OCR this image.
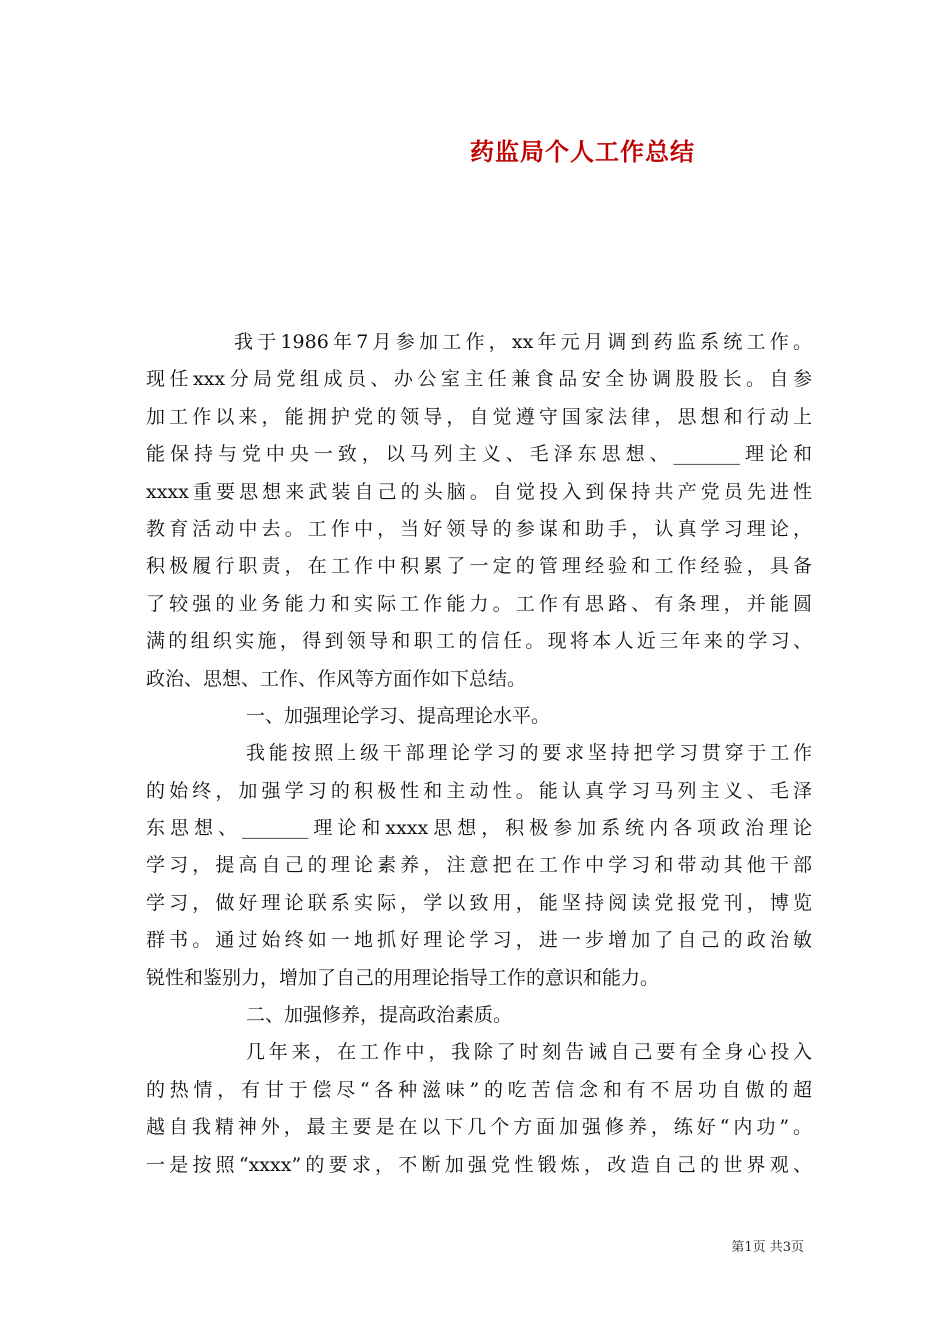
药监局个人工作总结
我于1986年7月参加工作，xx年元月调到药监系统工作。
现任xxx分局党组成员、办公室主任兼食品安全协调股股长。自参
加工作以来，能拥护党的领导，自觉遵守国家法律，思想和行动上
能保持与党中央一致，以马列主义、毛泽东思想、_______理论和
xxxx重要思想来武装自己的头脑。自觉投入到保持共产党员先进性
教育活动中去。工作中，当好领导的参谋和助手，认真学习理论，
积极履行职责，在工作中积累了一定的管理经验和工作经验，具备
了较强的业务能力和实际工作能力。工作有思路、有条理，并能圆
满的组织实施，得到领导和职工的信任。现将本人近三年来的学习、
政治、思想、工作、作风等方面作如下总结。
一、加强理论学习、提高理论水平。
我能按照上级干部理论学习的要求坚持把学习贯穿于工作
的始终，加强学习的积极性和主动性。能认真学习马列主义、毛泽
东思想、_______理论和xxxx思想，积极参加系统内各项政治理论
学习，提高自己的理论素养，注意把在工作中学习和带动其他干部
学习，做好理论联系实际，学以致用，能坚持阅读党报党刊，博览
群书。通过始终如一地抓好理论学习，进一步增加了自己的政治敏
锐性和鉴别力，增加了自己的用理论指导工作的意识和能力。
二、加强修养，提高政治素质。
几年来，在工作中，我除了时刻告诫自己要有全身心投入
的热情，有甘于偿尽“各种滋味”的吃苦信念和有不居功自傲的超
越自我精神外，最主要是在以下几个方面加强修养，练好“内功”。
一是按照“xxxx”的要求，不断加强党性锻炼，改造自己的世界观、
第1页 共3页
